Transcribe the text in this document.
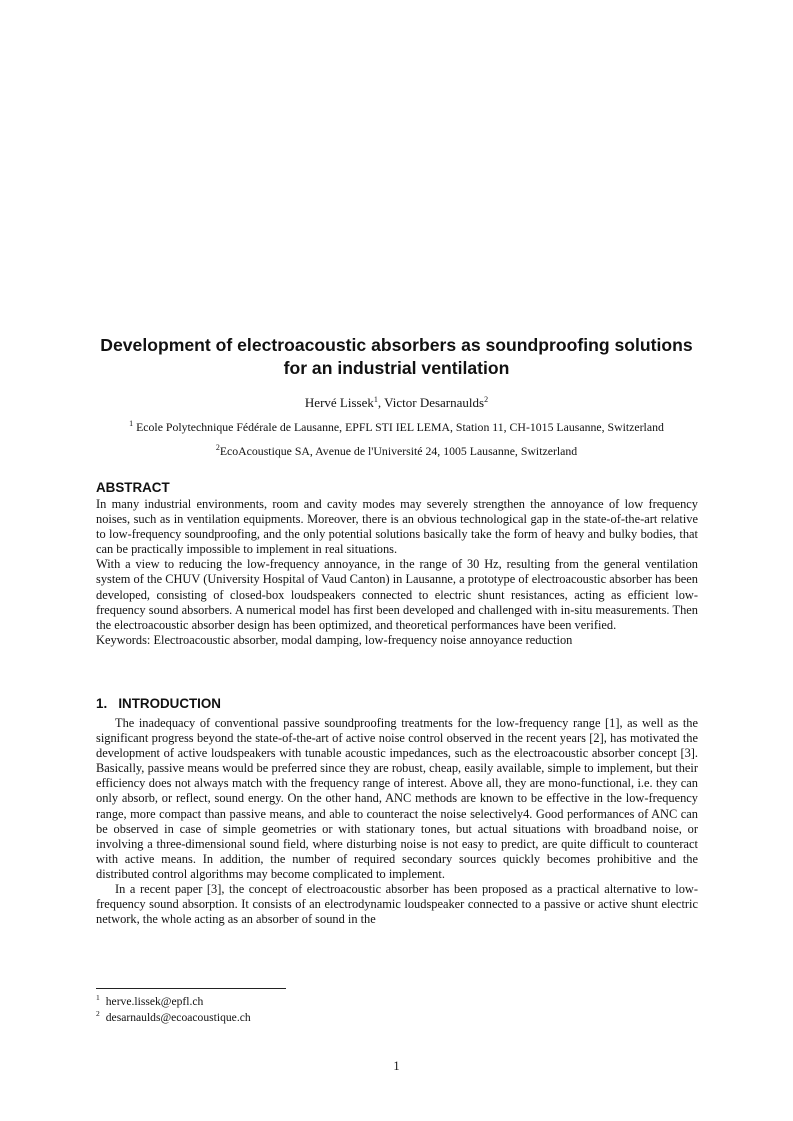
Development of electroacoustic absorbers as soundproofing solutions for an industrial ventilation
Hervé Lissek$^1$, Victor Desarnaulds$^2$
$^1$ Ecole Polytechnique Fédérale de Lausanne, EPFL STI IEL LEMA, Station 11, CH-1015 Lausanne, Switzerland
$^2$EcoAcoustique SA, Avenue de l'Université 24, 1005 Lausanne, Switzerland
ABSTRACT

In many industrial environments, room and cavity modes may severely strengthen the annoyance of low frequency noises, such as in ventilation equipments. Moreover, there is an obvious technological gap in the state-of-the-art relative to low-frequency soundproofing, and the only potential solutions basically take the form of heavy and bulky bodies, that can be practically impossible to implement in real situations.

With a view to reducing the low-frequency annoyance, in the range of 30 Hz, resulting from the general ventilation system of the CHUV (University Hospital of Vaud Canton) in Lausanne, a prototype of electroacoustic absorber has been developed, consisting of closed-box loudspeakers connected to electric shunt resistances, acting as efficient low-frequency sound absorbers. A numerical model has first been developed and challenged with in-situ measurements. Then the electroacoustic absorber design has been optimized, and theoretical performances have been verified.

Keywords: Electroacoustic absorber, modal damping, low-frequency noise annoyance reduction

1.   INTRODUCTION

The inadequacy of conventional passive soundproofing treatments for the low-frequency range [1], as well as the significant progress beyond the state-of-the-art of active noise control observed in the recent years [2], has motivated the development of active loudspeakers with tunable acoustic impedances, such as the electroacoustic absorber concept [3]. Basically, passive means would be preferred since they are robust, cheap, easily available, simple to implement, but their efficiency does not always match with the frequency range of interest. Above all, they are mono-functional, i.e. they can only absorb, or reflect, sound energy. On the other hand, ANC methods are known to be effective in the low-frequency range, more compact than passive means, and able to counteract the noise selectively4. Good performances of ANC can be observed in case of simple geometries or with stationary tones, but actual situations with broadband noise, or involving a three-dimensional sound field, where disturbing noise is not easy to predict, are quite difficult to counteract with active means. In addition, the number of required secondary sources quickly becomes prohibitive and the distributed control algorithms may become complicated to implement.

In a recent paper [3], the concept of electroacoustic absorber has been proposed as a practical alternative to low-frequency sound absorption. It consists of an electrodynamic loudspeaker connected to a passive or active shunt electric network, the whole acting as an absorber of sound in the

$^1$ herve.lissek@epfl.ch
$^2$ desarnaulds@ecoacoustique.ch
1
